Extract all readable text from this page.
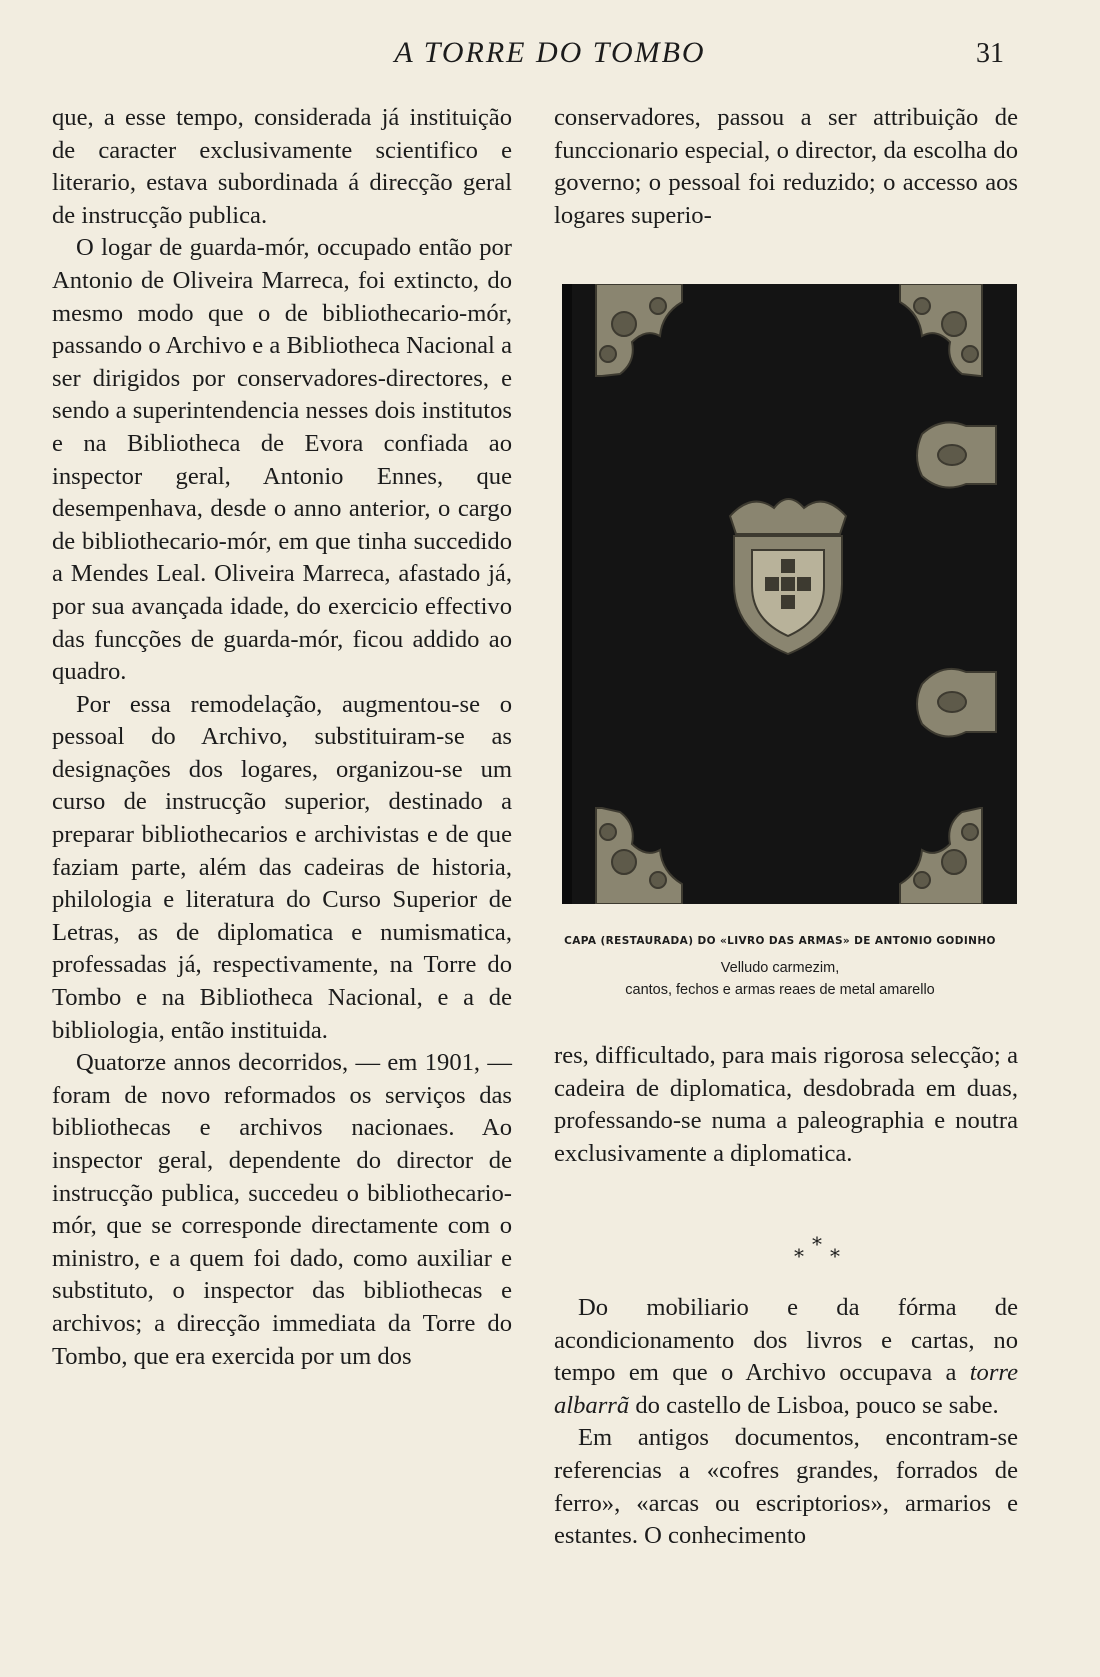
A TORRE DO TOMBO	31

que, a esse tempo, considerada já instituição de caracter exclusivamente scientifico e literario, estava subordinada á direcção geral de instrucção publica.

O logar de guarda-mór, occupado então por Antonio de Oliveira Marreca, foi extincto, do mesmo modo que o de bibliothecario-mór, passando o Archivo e a Bibliotheca Nacional a ser dirigidos por conservadores-directores, e sendo a superintendencia nesses dois institutos e na Bibliotheca de Evora confiada ao inspector geral, Antonio Ennes, que desempenhava, desde o anno anterior, o cargo de bibliothecario-mór, em que tinha succedido a Mendes Leal. Oliveira Marreca, afastado já, por sua avançada idade, do exercicio effectivo das funcções de guarda-mór, ficou addido ao quadro.

Por essa remodelação, augmentou-se o pessoal do Archivo, substituiram-se as designações dos logares, organizou-se um curso de instrucção superior, destinado a preparar bibliothecarios e archivistas e de que faziam parte, além das cadeiras de historia, philologia e literatura do Curso Superior de Letras, as de diplomatica e numismatica, professadas já, respectivamente, na Torre do Tombo e na Bibliotheca Nacional, e a de bibliologia, então instituida.

Quatorze annos decorridos, — em 1901, — foram de novo reformados os serviços das bibliothecas e archivos nacionaes. Ao inspector geral, dependente do director de instrucção publica, succedeu o bibliothecario-mór, que se corresponde directamente com o ministro, e a quem foi dado, como auxiliar e substituto, o inspector das bibliothecas e archivos; a direcção immediata da Torre do Tombo, que era exercida por um dos

conservadores, passou a ser attribuição de funccionario especial, o director, da escolha do governo; o pessoal foi reduzido; o accesso aos logares superio-

CAPA (RESTAURADA) DO «LIVRO DAS ARMAS» DE ANTONIO GODINHO
Velludo carmezim,
cantos, fechos e armas reaes de metal amarello

res, difficultado, para mais rigorosa selecção; a cadeira de diplomatica, desdobrada em duas, professando-se numa a paleographia e noutra exclusivamente a diplomatica.

*
* *

Do mobiliario e da fórma de acondicionamento dos livros e cartas, no tempo em que o Archivo occupava a torre albarrã do castello de Lisboa, pouco se sabe.

Em antigos documentos, encontram-se referencias a «cofres grandes, forrados de ferro», «arcas ou escriptorios», armarios e estantes. O conhecimento
